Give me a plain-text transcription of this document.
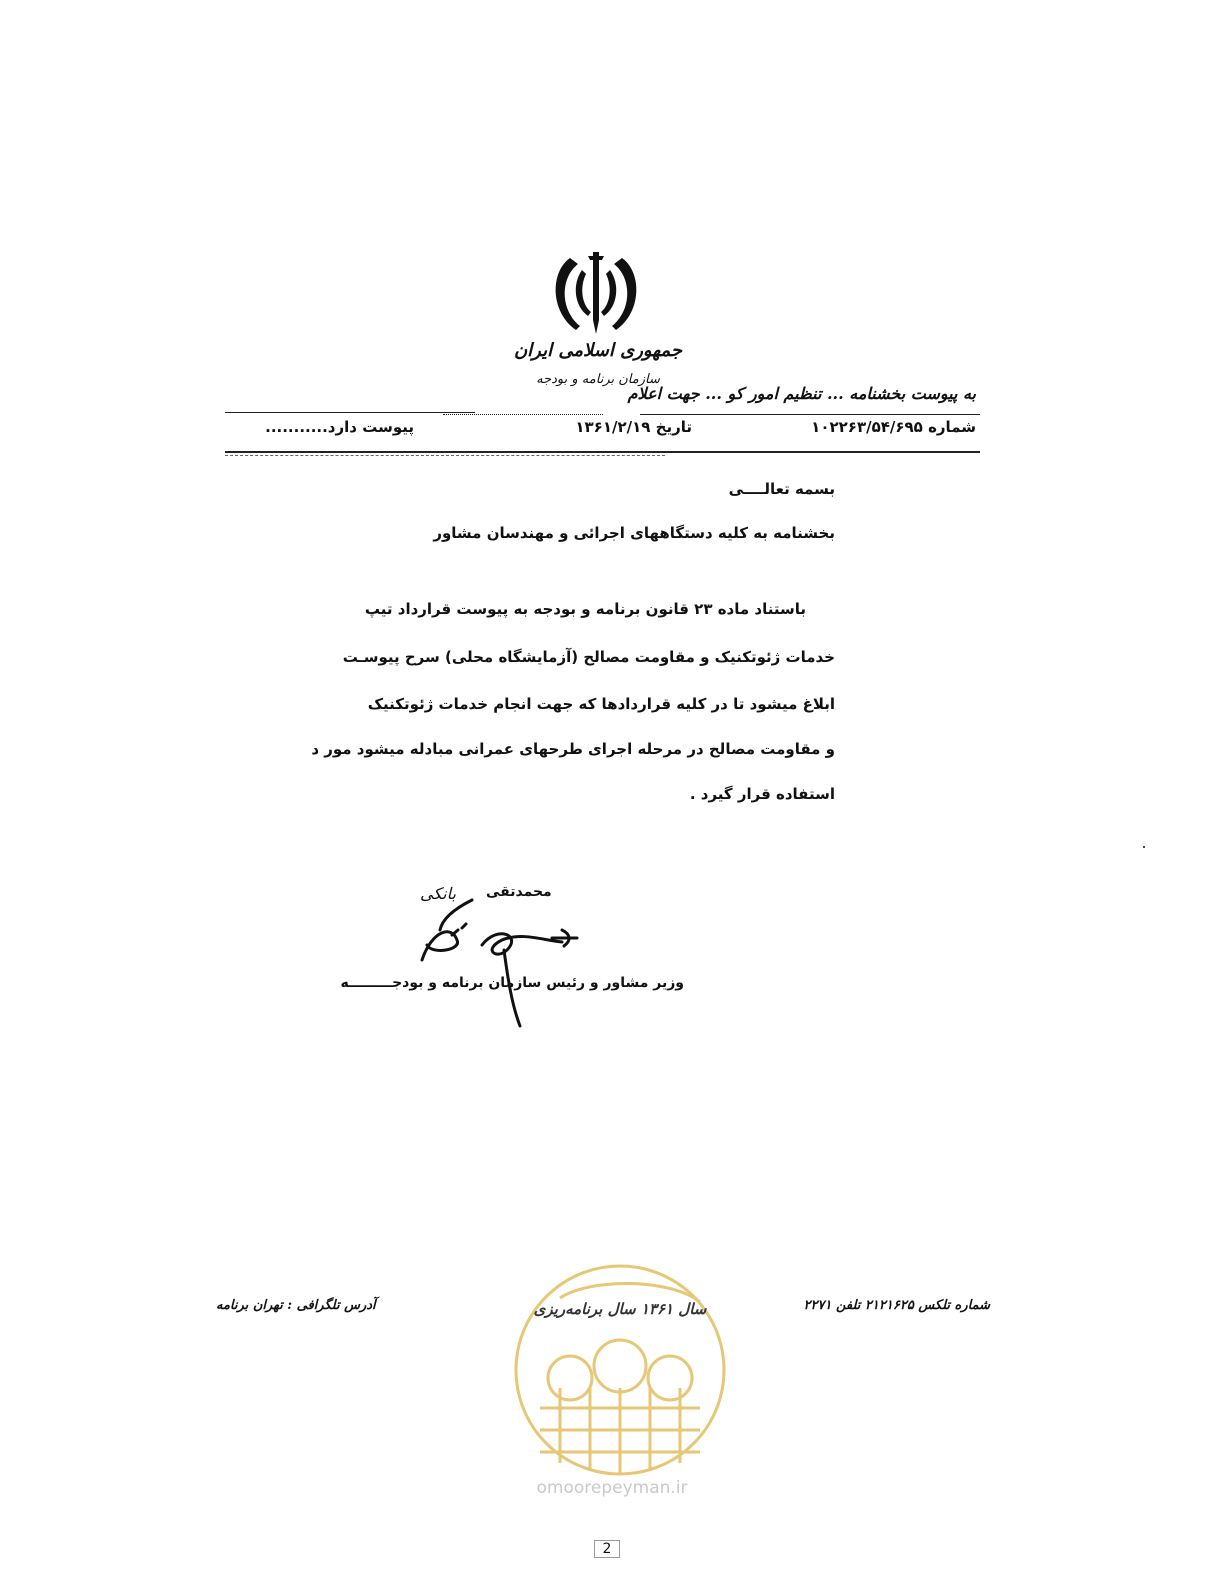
جمهوری اسلامی ایران
سازمان برنامه و بودجه
به پیوست بخشنامه ... تنظیم امور کو ... جهت اعلام
شماره ۱۰۲۲۶۳/۵۴/۶۹۵
تاریخ ۱۳۶۱/۲/۱۹
پیوست دارد...........
بسمه تعالــــی
بخشنامه به کلیه دستگاههای اجرائی و مهندسان مشاور
باستناد ماده ۲۳ قانون برنامه و بودجه به پیوست قرارداد تیپ
خدمات ژئوتکنیک و مقاومت مصالح (آزمایشگاه محلی) سرح پیوسـت
ابلاغ میشود تا در کلیه قراردادها که جهت انجام خدمات ژئوتکنیک
و مقاومت مصالح در مرحله اجرای طرحهای عمرانی مبادله میشود مور د
استفاده قرار گیرد .
محمدتقی
بانکی
وزیر مشاور و رئیس سازمان برنامه و بودجـــــــــه
شماره تلکس ۲۱۲۱۶۲۵ تلفن ۲۲۷۱
آدرس تلگرافی : تهران برنامه	سال ۱۳۶۱ سال برنامه‌ریزی
omoorepeyman.ir
2
